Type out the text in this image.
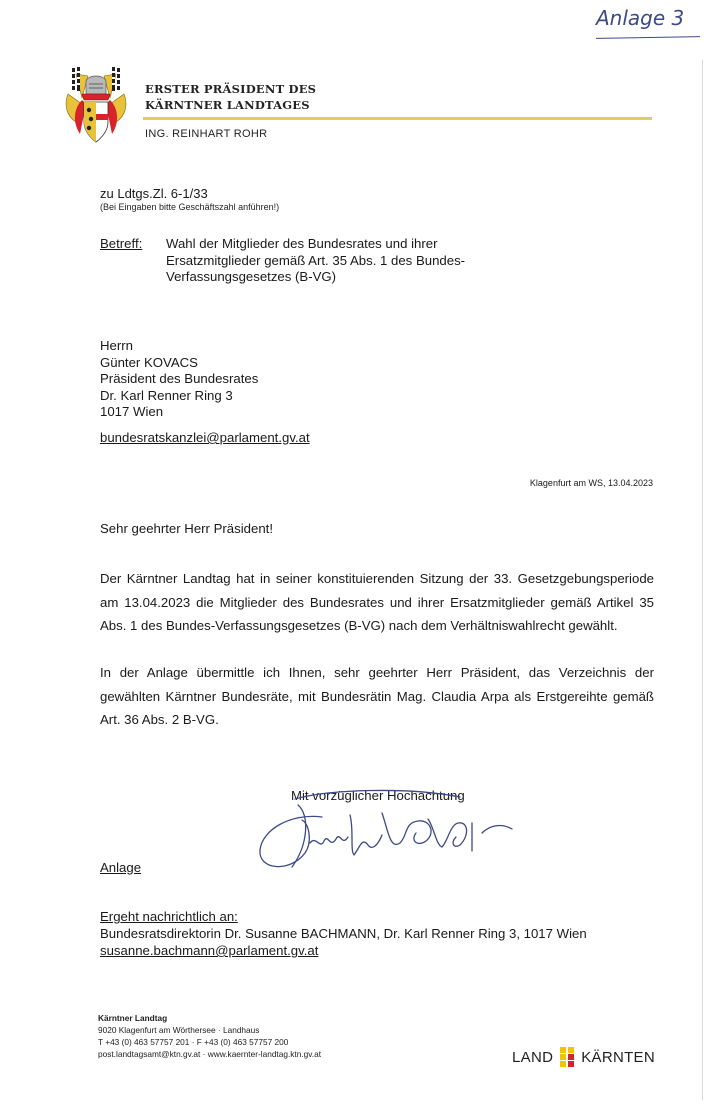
Anlage 3
ERSTER PRÄSIDENT DES
KÄRNTNER LANDTAGES
ING. REINHART ROHR
zu Ldtgs.Zl. 6-1/33
(Bei Eingaben bitte Geschäftszahl anführen!)
Betreff: Wahl der Mitglieder des Bundesrates und ihrer
Ersatzmitglieder gemäß Art. 35 Abs. 1 des Bundes-
Verfassungsgesetzes (B-VG)
Herrn
Günter KOVACS
Präsident des Bundesrates
Dr. Karl Renner Ring 3
1017 Wien
bundesratskanzlei@parlament.gv.at
Klagenfurt am WS, 13.04.2023
Sehr geehrter Herr Präsident!
Der Kärntner Landtag hat in seiner konstituierenden Sitzung der 33. Gesetzgebungsperiode am 13.04.2023 die Mitglieder des Bundesrates und ihrer Ersatzmitglieder gemäß Artikel 35 Abs. 1 des Bundes-Verfassungsgesetzes (B-VG) nach dem Verhältniswahlrecht gewählt.
In der Anlage übermittle ich Ihnen, sehr geehrter Herr Präsident, das Verzeichnis der gewählten Kärntner Bundesräte, mit Bundesrätin Mag. Claudia Arpa als Erstgereihte gemäß Art. 36 Abs. 2 B-VG.
Mit vorzüglicher Hochachtung
Anlage
Ergeht nachrichtlich an:
Bundesratsdirektorin Dr. Susanne BACHMANN, Dr. Karl Renner Ring 3, 1017 Wien
susanne.bachmann@parlament.gv.at
Kärntner Landtag
9020 Klagenfurt am Wörthersee · Landhaus
T +43 (0) 463 57757 201 · F +43 (0) 463 57757 200
post.landtagsamt@ktn.gv.at · www.kaernter-landtag.ktn.gv.at	LAND KÄRNTEN
